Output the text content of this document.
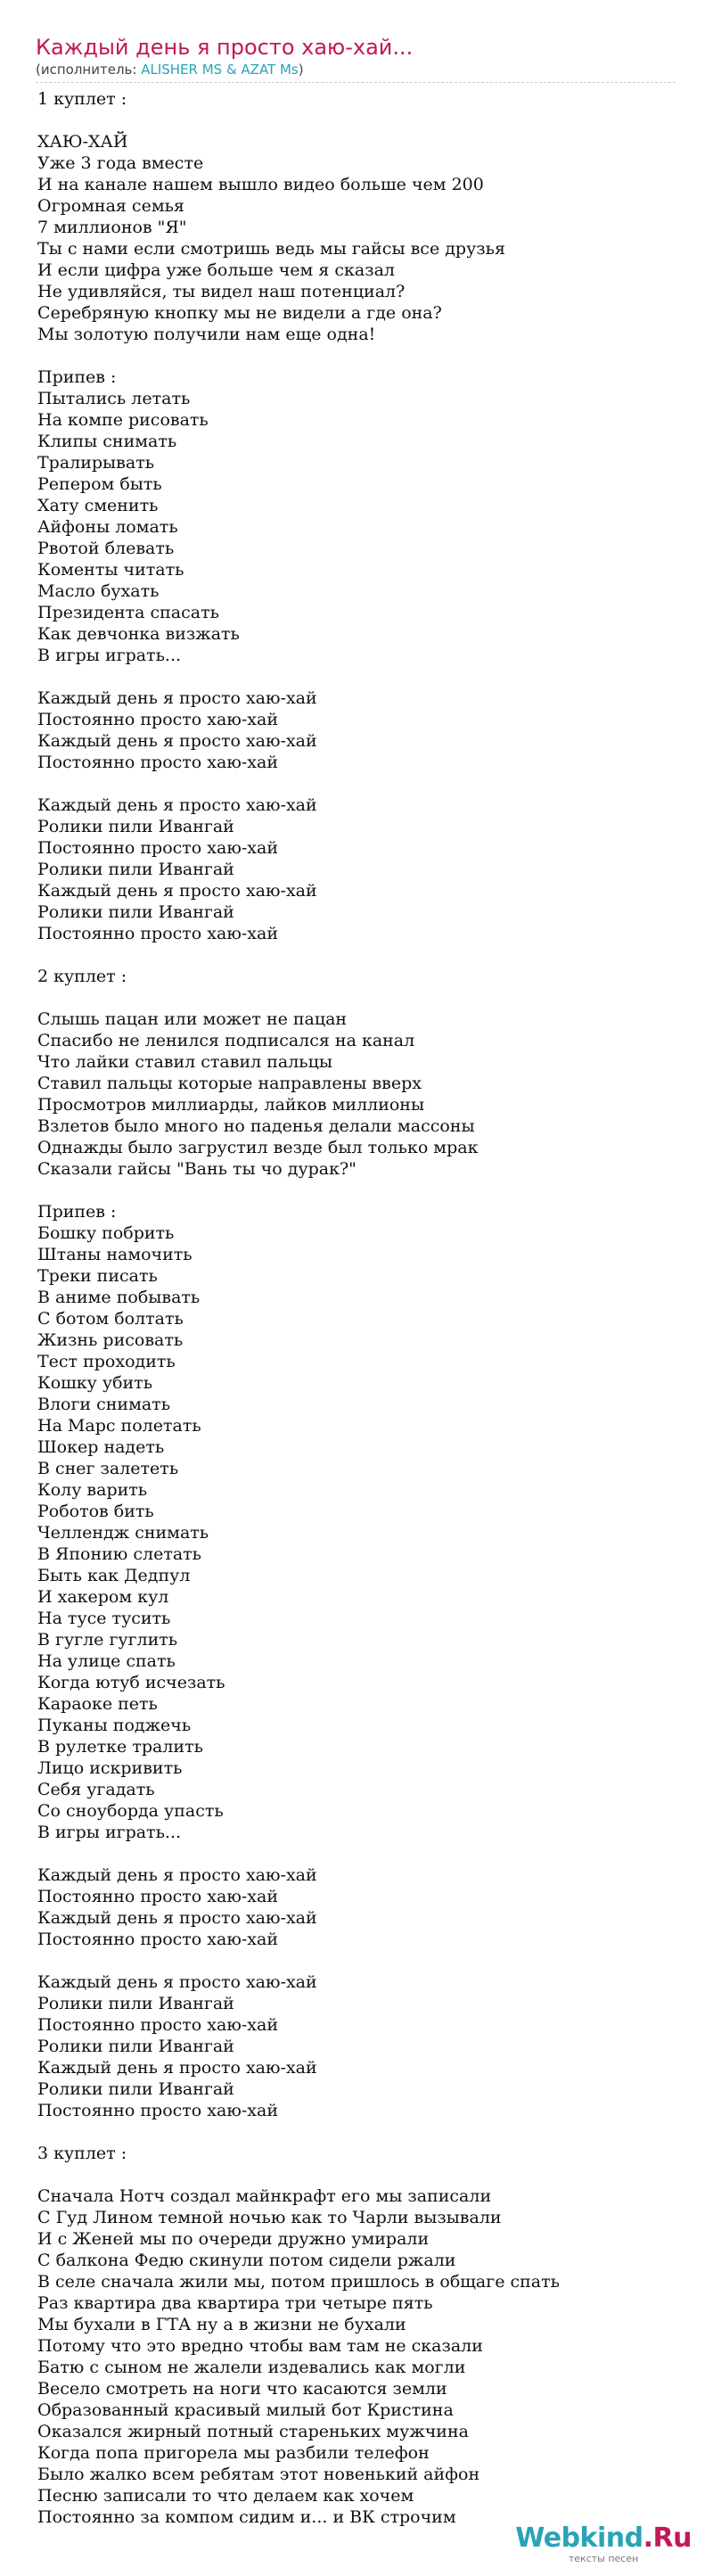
Каждый день я просто хаю-хай...
(исполнитель: ALISHER MS & AZAT Ms)
1 куплет :
ХАЮ-ХАЙ
Уже 3 года вместе
И на канале нашем вышло видео больше чем 200
Огромная семья
7 миллионов "Я"
Ты с нами если смотришь ведь мы гайсы все друзья
И если цифра уже больше чем я сказал
Не удивляйся, ты видел наш потенциал?
Серебряную кнопку мы не видели а где она?
Мы золотую получили нам еще одна!
Припев :
Пытались летать
На компе рисовать
Клипы снимать
Тралирывать
Репером быть
Хату сменить
Айфоны ломать
Рвотой блевать
Коменты читать
Масло бухать
Президента спасать
Как девчонка визжать
В игры играть...
Каждый день я просто хаю-хай
Постоянно просто хаю-хай
Каждый день я просто хаю-хай
Постоянно просто хаю-хай
Каждый день я просто хаю-хай
Ролики пили Ивангай
Постоянно просто хаю-хай
Ролики пили Ивангай
Каждый день я просто хаю-хай
Ролики пили Ивангай
Постоянно просто хаю-хай
2 куплет :
Слышь пацан или может не пацан
Спасибо не ленился подписался на канал
Что лайки ставил ставил пальцы
Ставил пальцы которые направлены вверх
Просмотров миллиарды, лайков миллионы
Взлетов было много но паденья делали массоны
Однажды было загрустил везде был только мрак
Сказали гайсы "Вань ты чо дурак?"
Припев :
Бошку побрить
Штаны намочить
Треки писать
В аниме побывать
С ботом болтать
Жизнь рисовать
Тест проходить
Кошку убить
Влоги снимать
На Марс полетать
Шокер надеть
В снег залететь
Колу варить
Роботов бить
Челлендж снимать
В Японию слетать
Быть как Дедпул
И хакером кул
На тусе тусить
В гугле гуглить
На улице спать
Когда ютуб исчезать
Караоке петь
Пуканы поджечь
В рулетке тралить
Лицо искривить
Себя угадать
Со сноуборда упасть
В игры играть...
Каждый день я просто хаю-хай
Постоянно просто хаю-хай
Каждый день я просто хаю-хай
Постоянно просто хаю-хай
Каждый день я просто хаю-хай
Ролики пили Ивангай
Постоянно просто хаю-хай
Ролики пили Ивангай
Каждый день я просто хаю-хай
Ролики пили Ивангай
Постоянно просто хаю-хай
3 куплет :
Сначала Нотч создал майнкрафт его мы записали
С Гуд Лином темной ночью как то Чарли вызывали
И с Женей мы по очереди дружно умирали
С балкона Федю скинули потом сидели ржали
В селе сначала жили мы, потом пришлось в общаге спать
Раз квартира два квартира три четыре пять
Мы бухали в ГТА ну а в жизни не бухали
Потому что это вредно чтобы вам там не сказали
Батю с сыном не жалели издевались как могли
Весело смотреть на ноги что касаются земли
Образованный красивый милый бот Кристина
Оказался жирный потный стареньких мужчина
Когда попа пригорела мы разбили телефон
Было жалко всем ребятам этот новенький айфон
Песню записали то что делаем как хочем
Постоянно за компом сидим и... и ВК строчим
Webkind.Ru
тексты песен
